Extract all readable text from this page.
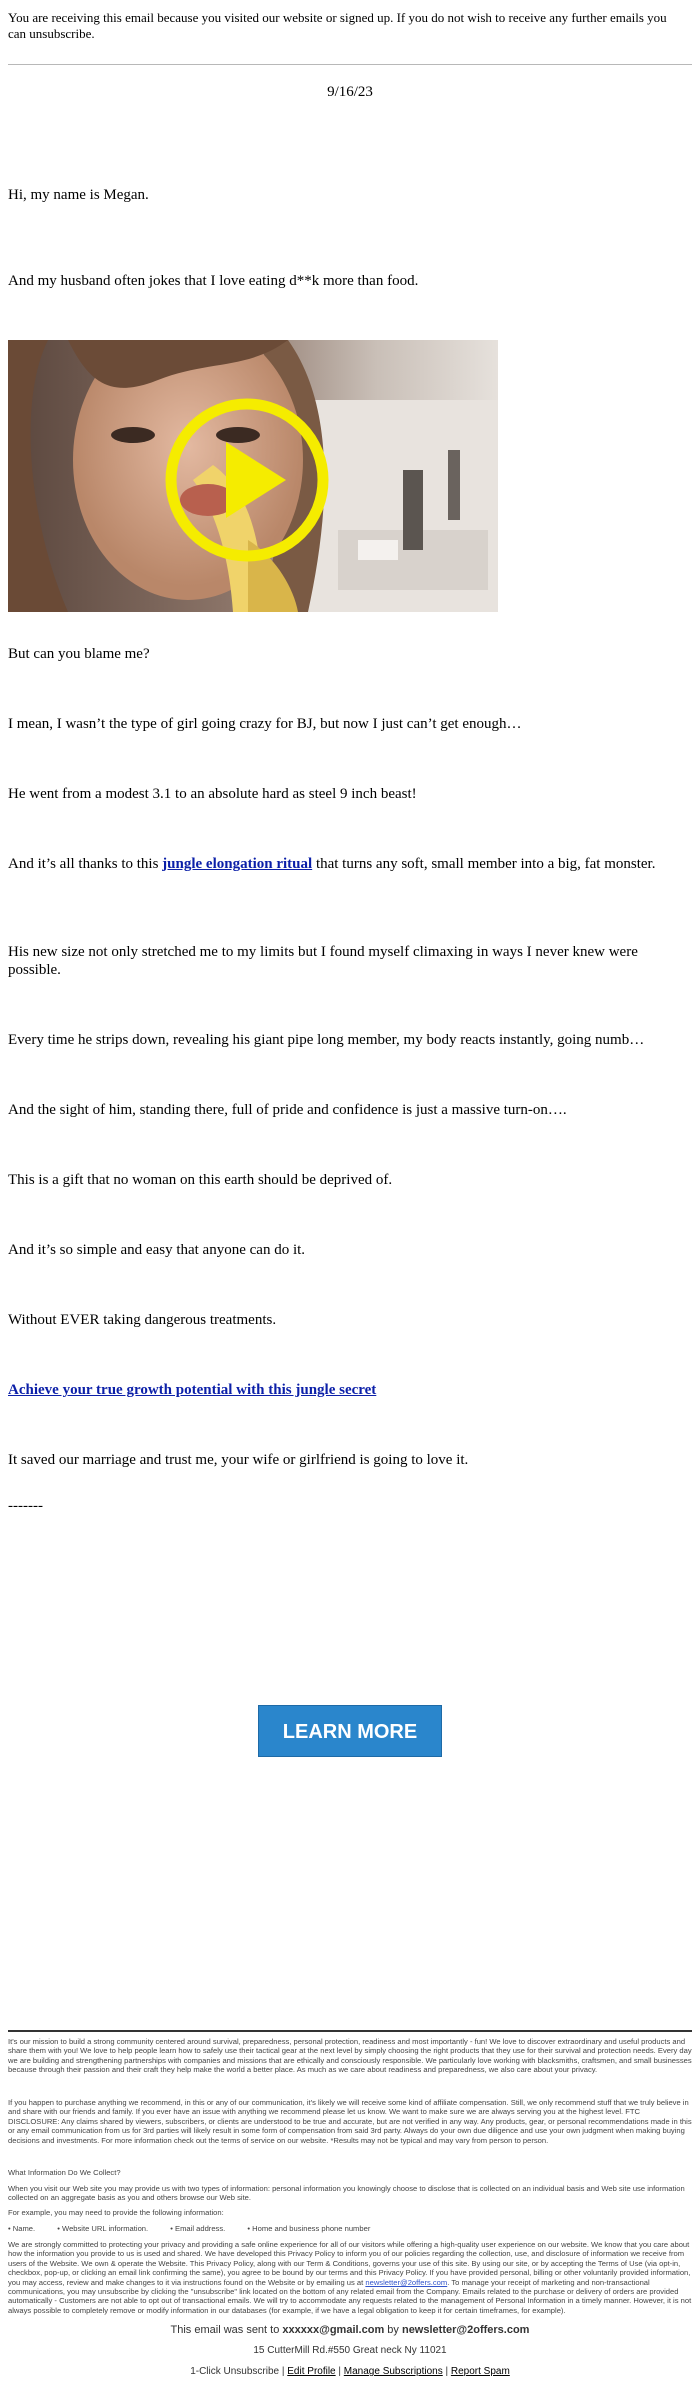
You are receiving this email because you visited our website or signed up. If you do not wish to receive any further emails you can unsubscribe.
9/16/23
Hi, my name is Megan.
And my husband often jokes that I love eating d**k more than food.
But can you blame me?
I mean, I wasn’t the type of girl going crazy for BJ, but now I just can’t get enough…
He went from a modest 3.1 to an absolute hard as steel 9 inch beast!
And it’s all thanks to this jungle elongation ritual that turns any soft, small member into a big, fat monster.
His new size not only stretched me to my limits but I found myself climaxing in ways I never knew were possible.
Every time he strips down, revealing his giant pipe long member, my body reacts instantly, going numb…
And the sight of him, standing there, full of pride and confidence is just a massive turn-on….
This is a gift that no woman on this earth should be deprived of.
And it’s so simple and easy that anyone can do it.
Without EVER taking dangerous treatments.
Achieve your true growth potential with this jungle secret
It saved our marriage and trust me, your wife or girlfriend is going to love it.
-------
LEARN MORE
It's our mission to build a strong community centered around survival, preparedness, personal protection, readiness and most importantly - fun! We love to discover extraordinary and useful products and share them with you! We love to help people learn how to safely use their tactical gear at the next level by simply choosing the right products that they use for their survival and protection needs. Every day we are building and strengthening partnerships with companies and missions that are ethically and consciously responsible. We particularly love working with blacksmiths, craftsmen, and small businesses because through their passion and their craft they help make the world a better place. As much as we care about readiness and preparedness, we also care about your privacy.
If you happen to purchase anything we recommend, in this or any of our communication, it's likely we will receive some kind of affiliate compensation. Still, we only recommend stuff that we truly believe in and share with our friends and family. If you ever have an issue with anything we recommend please let us know. We want to make sure we are always serving you at the highest level. FTC DISCLOSURE: Any claims shared by viewers, subscribers, or clients are understood to be true and accurate, but are not verified in any way. Any products, gear, or personal recommendations made in this or any email communication from us for 3rd parties will likely result in some form of compensation from said 3rd party. Always do your own due diligence and use your own judgment when making buying decisions and investments. For more information check out the terms of service on our website. *Results may not be typical and may vary from person to person.
What Information Do We Collect?
When you visit our Web site you may provide us with two types of information: personal information you knowingly choose to disclose that is collected on an individual basis and Web site use information collected on an aggregate basis as you and others browse our Web site.
For example, you may need to provide the following information:
• Name.	• Website URL information.	• Email address.	• Home and business phone number
We are strongly committed to protecting your privacy and providing a safe online experience for all of our visitors while offering a high-quality user experience on our website. We know that you care about how the information you provide to us is used and shared. We have developed this Privacy Policy to inform you of our policies regarding the collection, use, and disclosure of information we receive from users of the Website. We own & operate the Website. This Privacy Policy, along with our Term & Conditions, governs your use of this site. By using our site, or by accepting the Terms of Use (via opt-in, checkbox, pop-up, or clicking an email link confirming the same), you agree to be bound by our terms and this Privacy Policy. If you have provided personal, billing or other voluntarily provided information, you may access, review and make changes to it via instructions found on the Website or by emailing us at newsletter@2offers.com. To manage your receipt of marketing and non-transactional communications, you may unsubscribe by clicking the "unsubscribe" link located on the bottom of any related email from the Company. Emails related to the purchase or delivery of orders are provided automatically - Customers are not able to opt out of transactional emails. We will try to accommodate any requests related to the management of Personal Information in a timely manner. However, it is not always possible to completely remove or modify information in our databases (for example, if we have a legal obligation to keep it for certain timeframes, for example).
This email was sent to xxxxxx@gmail.com by newsletter@2offers.com
15 CutterMill Rd.#550 Great neck Ny 11021
1-Click Unsubscribe | Edit Profile | Manage Subscriptions | Report Spam
